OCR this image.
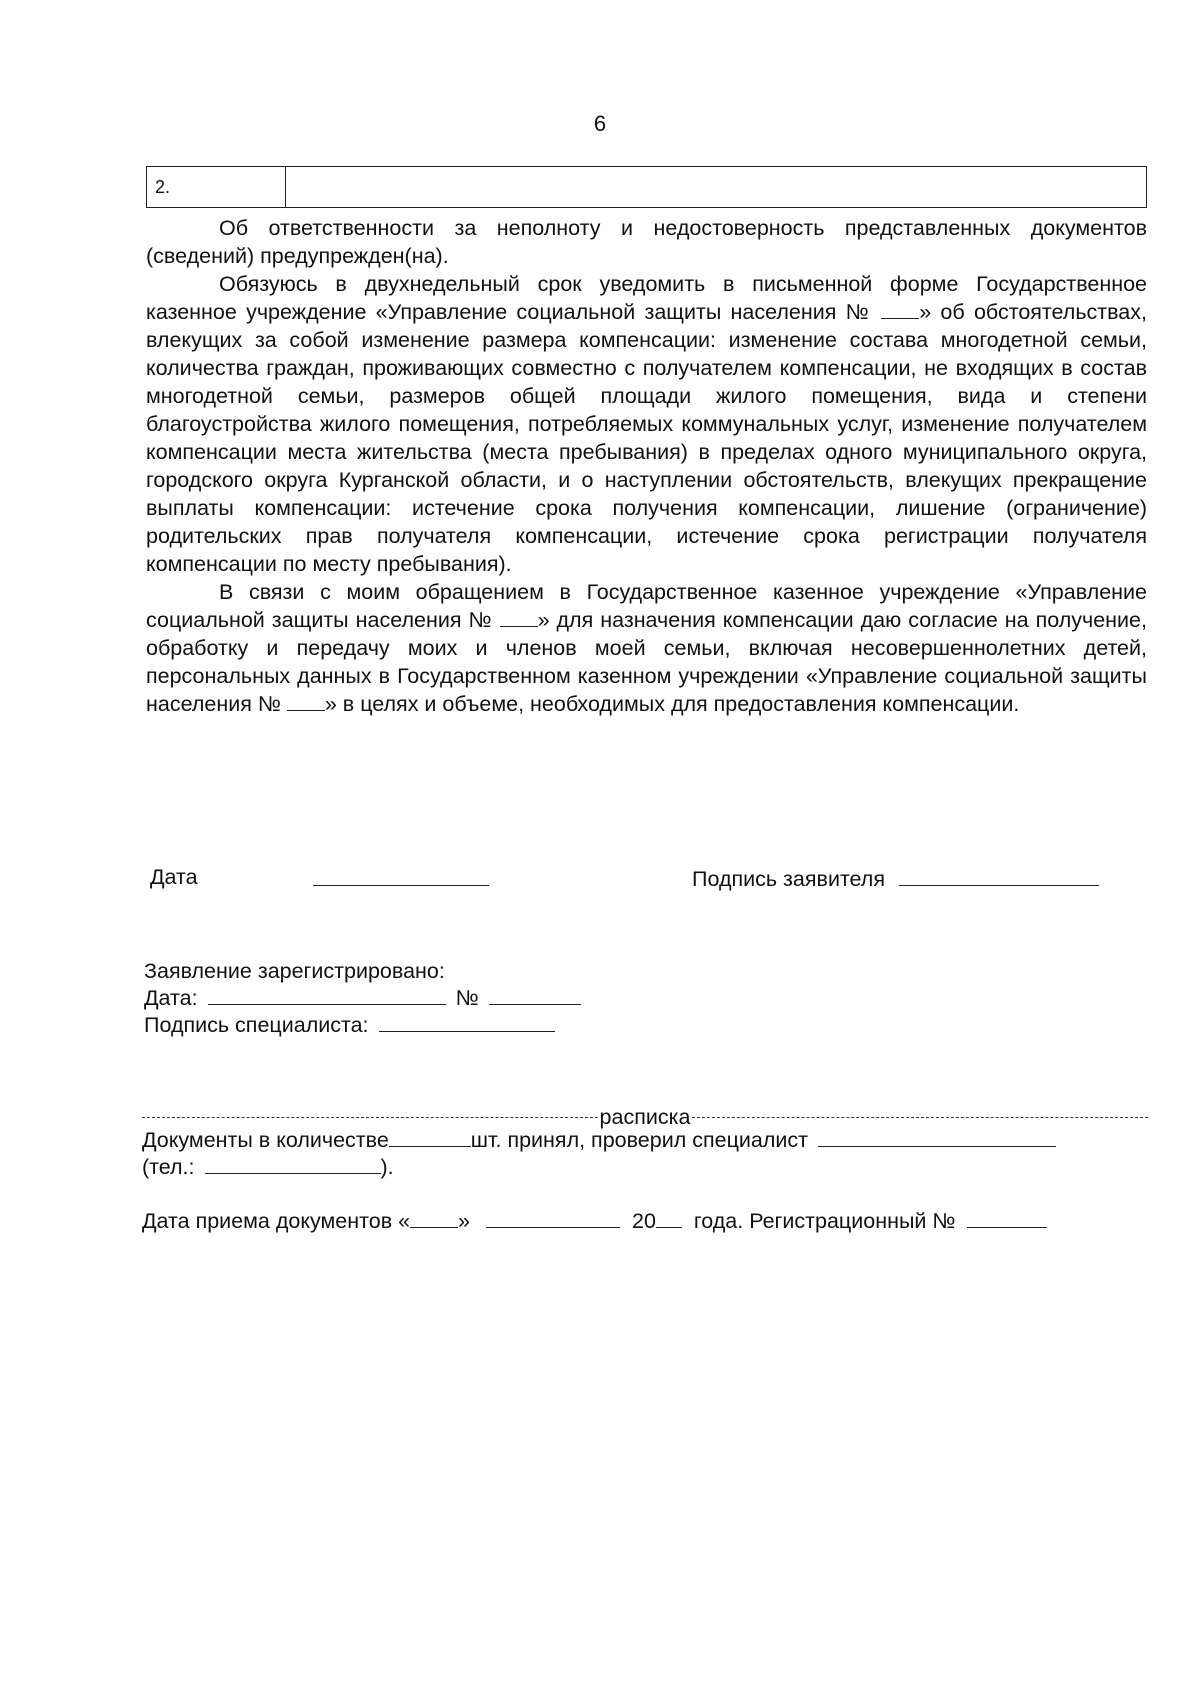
6
2.

Об ответственности за неполноту и недостоверность представленных документов (сведений) предупрежден(на).

Обязуюсь в двухнедельный срок уведомить в письменной форме Государственное казенное учреждение «Управление социальной защиты населения № » об обстоятельствах, влекущих за собой изменение размера компенсации: изменение состава многодетной семьи, количества граждан, проживающих совместно с получателем компенсации, не входящих в состав многодетной семьи, размеров общей площади жилого помещения, вида и степени благоустройства жилого помещения, потребляемых коммунальных услуг, изменение получателем компенсации места жительства (места пребывания) в пределах одного муниципального округа, городского округа Курганской области, и о наступлении обстоятельств, влекущих прекращение выплаты компенсации: истечение срока получения компенсации, лишение (ограничение) родительских прав получателя компенсации, истечение срока регистрации получателя компенсации по месту пребывания).

В связи с моим обращением в Государственное казенное учреждение «Управление социальной защиты населения № » для назначения компенсации даю согласие на получение, обработку и передачу моих и членов моей семьи, включая несовершеннолетних детей, персональных данных в Государственном казенном учреждении «Управление социальной защиты населения № » в целях и объеме, необходимых для предоставления компенсации.

Дата	Подпись заявителя
Заявление зарегистрировано:
Дата:	№
Подпись специалиста:
расписка
Документы в количестве	шт. принял, проверил специалист
(тел.:	).
Дата приема документов « »	20 года. Регистрационный №
